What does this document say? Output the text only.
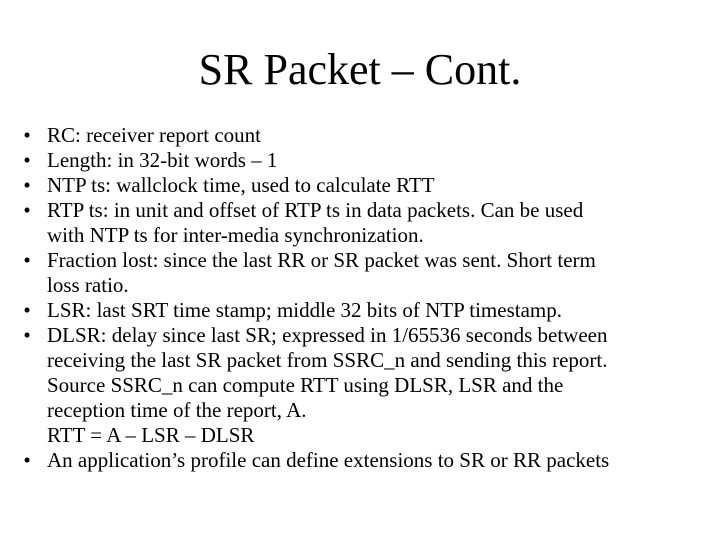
SR Packet – Cont.
• RC: receiver report count
• Length: in 32-bit words – 1
• NTP ts: wallclock time, used to calculate RTT
• RTP ts: in unit and offset of RTP ts in data packets. Can be used
with NTP ts for inter-media synchronization.
• Fraction lost: since the last RR or SR packet was sent. Short term
loss ratio.
• LSR: last SRT time stamp; middle 32 bits of NTP timestamp.
• DLSR: delay since last SR; expressed in 1/65536 seconds between
receiving the last SR packet from SSRC_n and sending this report.
Source SSRC_n can compute RTT using DLSR, LSR and the
reception time of the report, A.
RTT = A – LSR – DLSR
• An application’s profile can define extensions to SR or RR packets
